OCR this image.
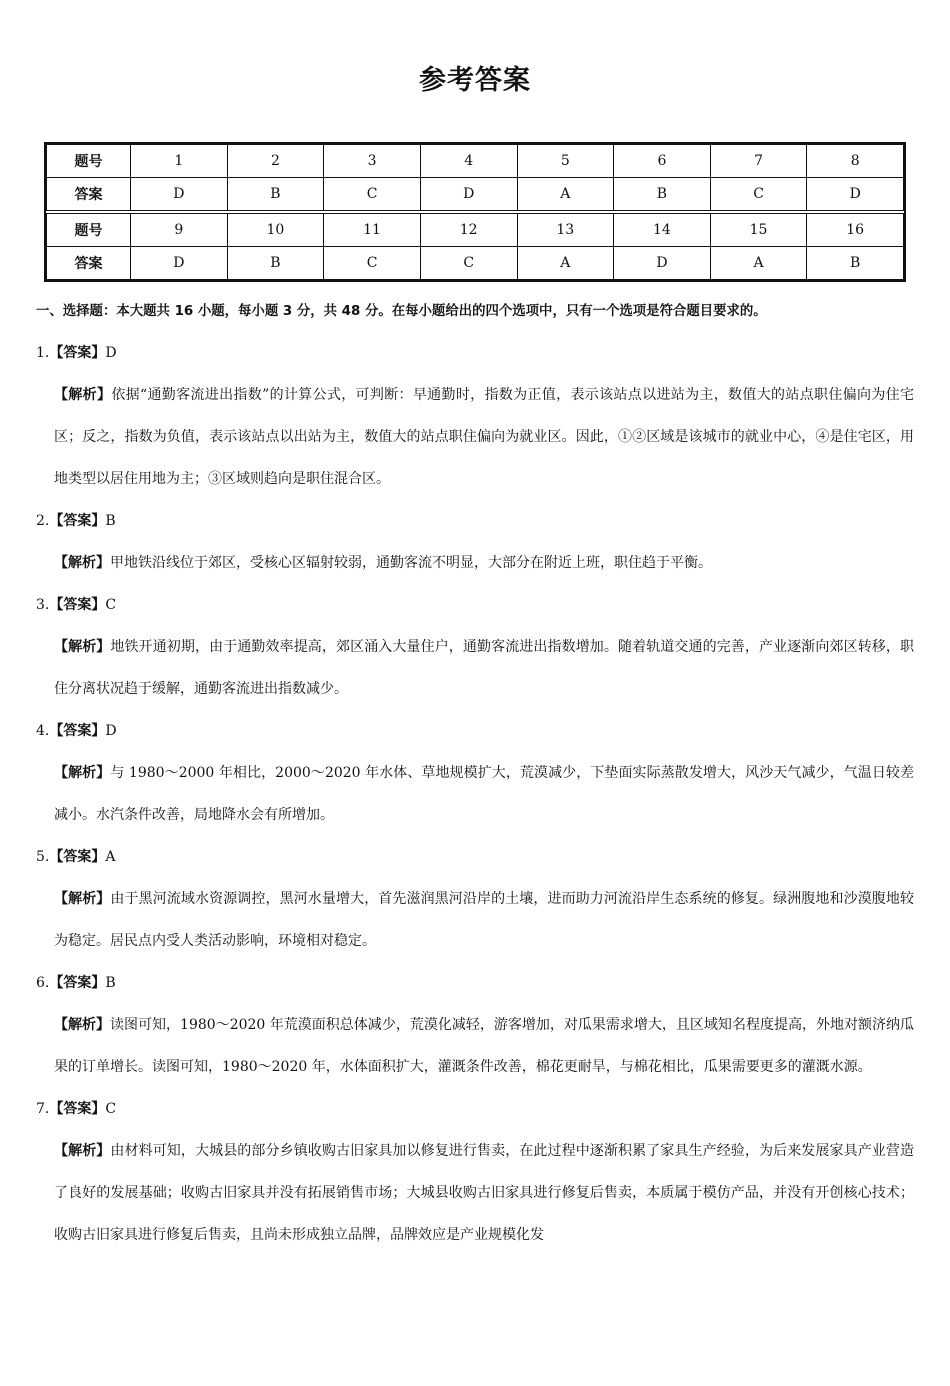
参考答案
题号	1	2	3	4	5	6	7	8
答案	D	B	C	D	A	B	C	D
题号	9	10	11	12	13	14	15	16
答案	D	B	C	C	A	D	A	B
一、选择题：本大题共 16 小题，每小题 3 分，共 48 分。在每小题给出的四个选项中，只有一个选项是符合题目要求的。
1.【答案】D
【解析】依据“通勤客流进出指数”的计算公式，可判断：早通勤时，指数为正值，表示该站点以进站为主，数值大的站点职住偏向为住宅区；反之，指数为负值，表示该站点以出站为主，数值大的站点职住偏向为就业区。因此，①②区域是该城市的就业中心，④是住宅区，用地类型以居住用地为主；③区域则趋向是职住混合区。
2.【答案】B
【解析】甲地铁沿线位于郊区，受核心区辐射较弱，通勤客流不明显，大部分在附近上班，职住趋于平衡。
3.【答案】C
【解析】地铁开通初期，由于通勤效率提高，郊区涌入大量住户，通勤客流进出指数增加。随着轨道交通的完善，产业逐渐向郊区转移，职住分离状况趋于缓解，通勤客流进出指数减少。
4.【答案】D
【解析】与 1980～2000 年相比，2000～2020 年水体、草地规模扩大，荒漠减少，下垫面实际蒸散发增大，风沙天气减少，气温日较差减小。水汽条件改善，局地降水会有所增加。
5.【答案】A
【解析】由于黑河流域水资源调控，黑河水量增大，首先滋润黑河沿岸的土壤，进而助力河流沿岸生态系统的修复。绿洲腹地和沙漠腹地较为稳定。居民点内受人类活动影响，环境相对稳定。
6.【答案】B
【解析】读图可知，1980～2020 年荒漠面积总体减少，荒漠化减轻，游客增加，对瓜果需求增大，且区域知名程度提高，外地对额济纳瓜果的订单增长。读图可知，1980～2020 年，水体面积扩大，灌溉条件改善，棉花更耐旱，与棉花相比，瓜果需要更多的灌溉水源。
7.【答案】C
【解析】由材料可知，大城县的部分乡镇收购古旧家具加以修复进行售卖，在此过程中逐渐积累了家具生产经验，为后来发展家具产业营造了良好的发展基础；收购古旧家具并没有拓展销售市场；大城县收购古旧家具进行修复后售卖，本质属于模仿产品，并没有开创核心技术；收购古旧家具进行修复后售卖，且尚未形成独立品牌，品牌效应是产业规模化发
